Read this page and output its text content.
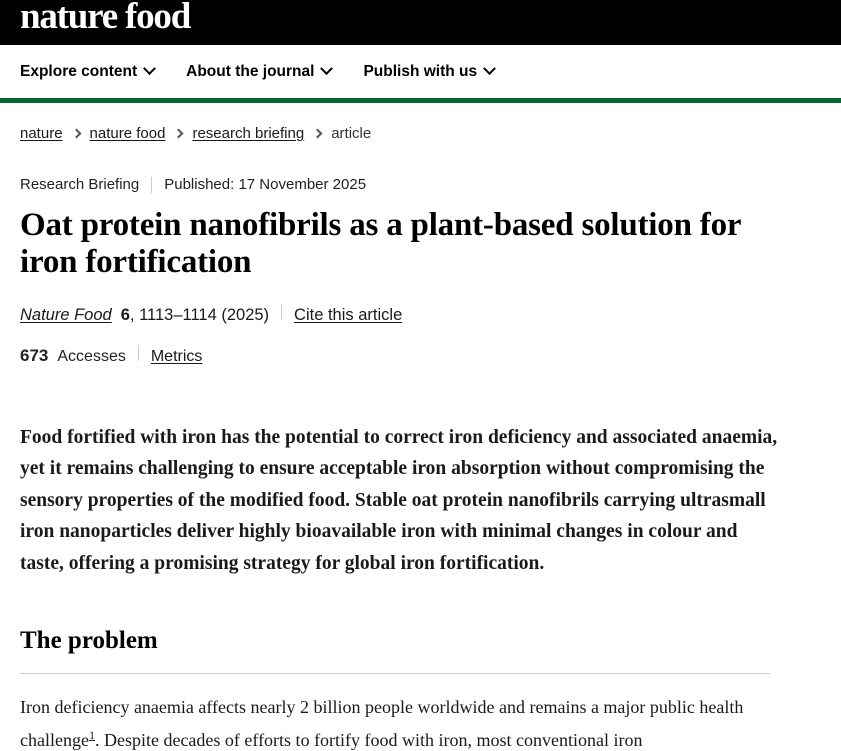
nature food
Explore content	About the journal	Publish with us
nature nature food research briefing article
Research Briefing Published: 17 November 2025
Oat protein nanofibrils as a plant-based solution for iron fortification
Nature Food 6 , 1113–1114 (2025) Cite this article
673 Accesses Metrics

Food fortified with iron has the potential to correct iron deficiency and associated anaemia, yet it remains challenging to ensure acceptable iron absorption without compromising the sensory properties of the modified food. Stable oat protein nanofibrils carrying ultrasmall iron nanoparticles deliver highly bioavailable iron with minimal changes in colour and taste, offering a promising strategy for global iron fortification.

The problem

Iron deficiency anaemia affects nearly 2 billion people worldwide and remains a major public health challenge$^1$. Despite decades of efforts to fortify food with iron, most conventional iron
